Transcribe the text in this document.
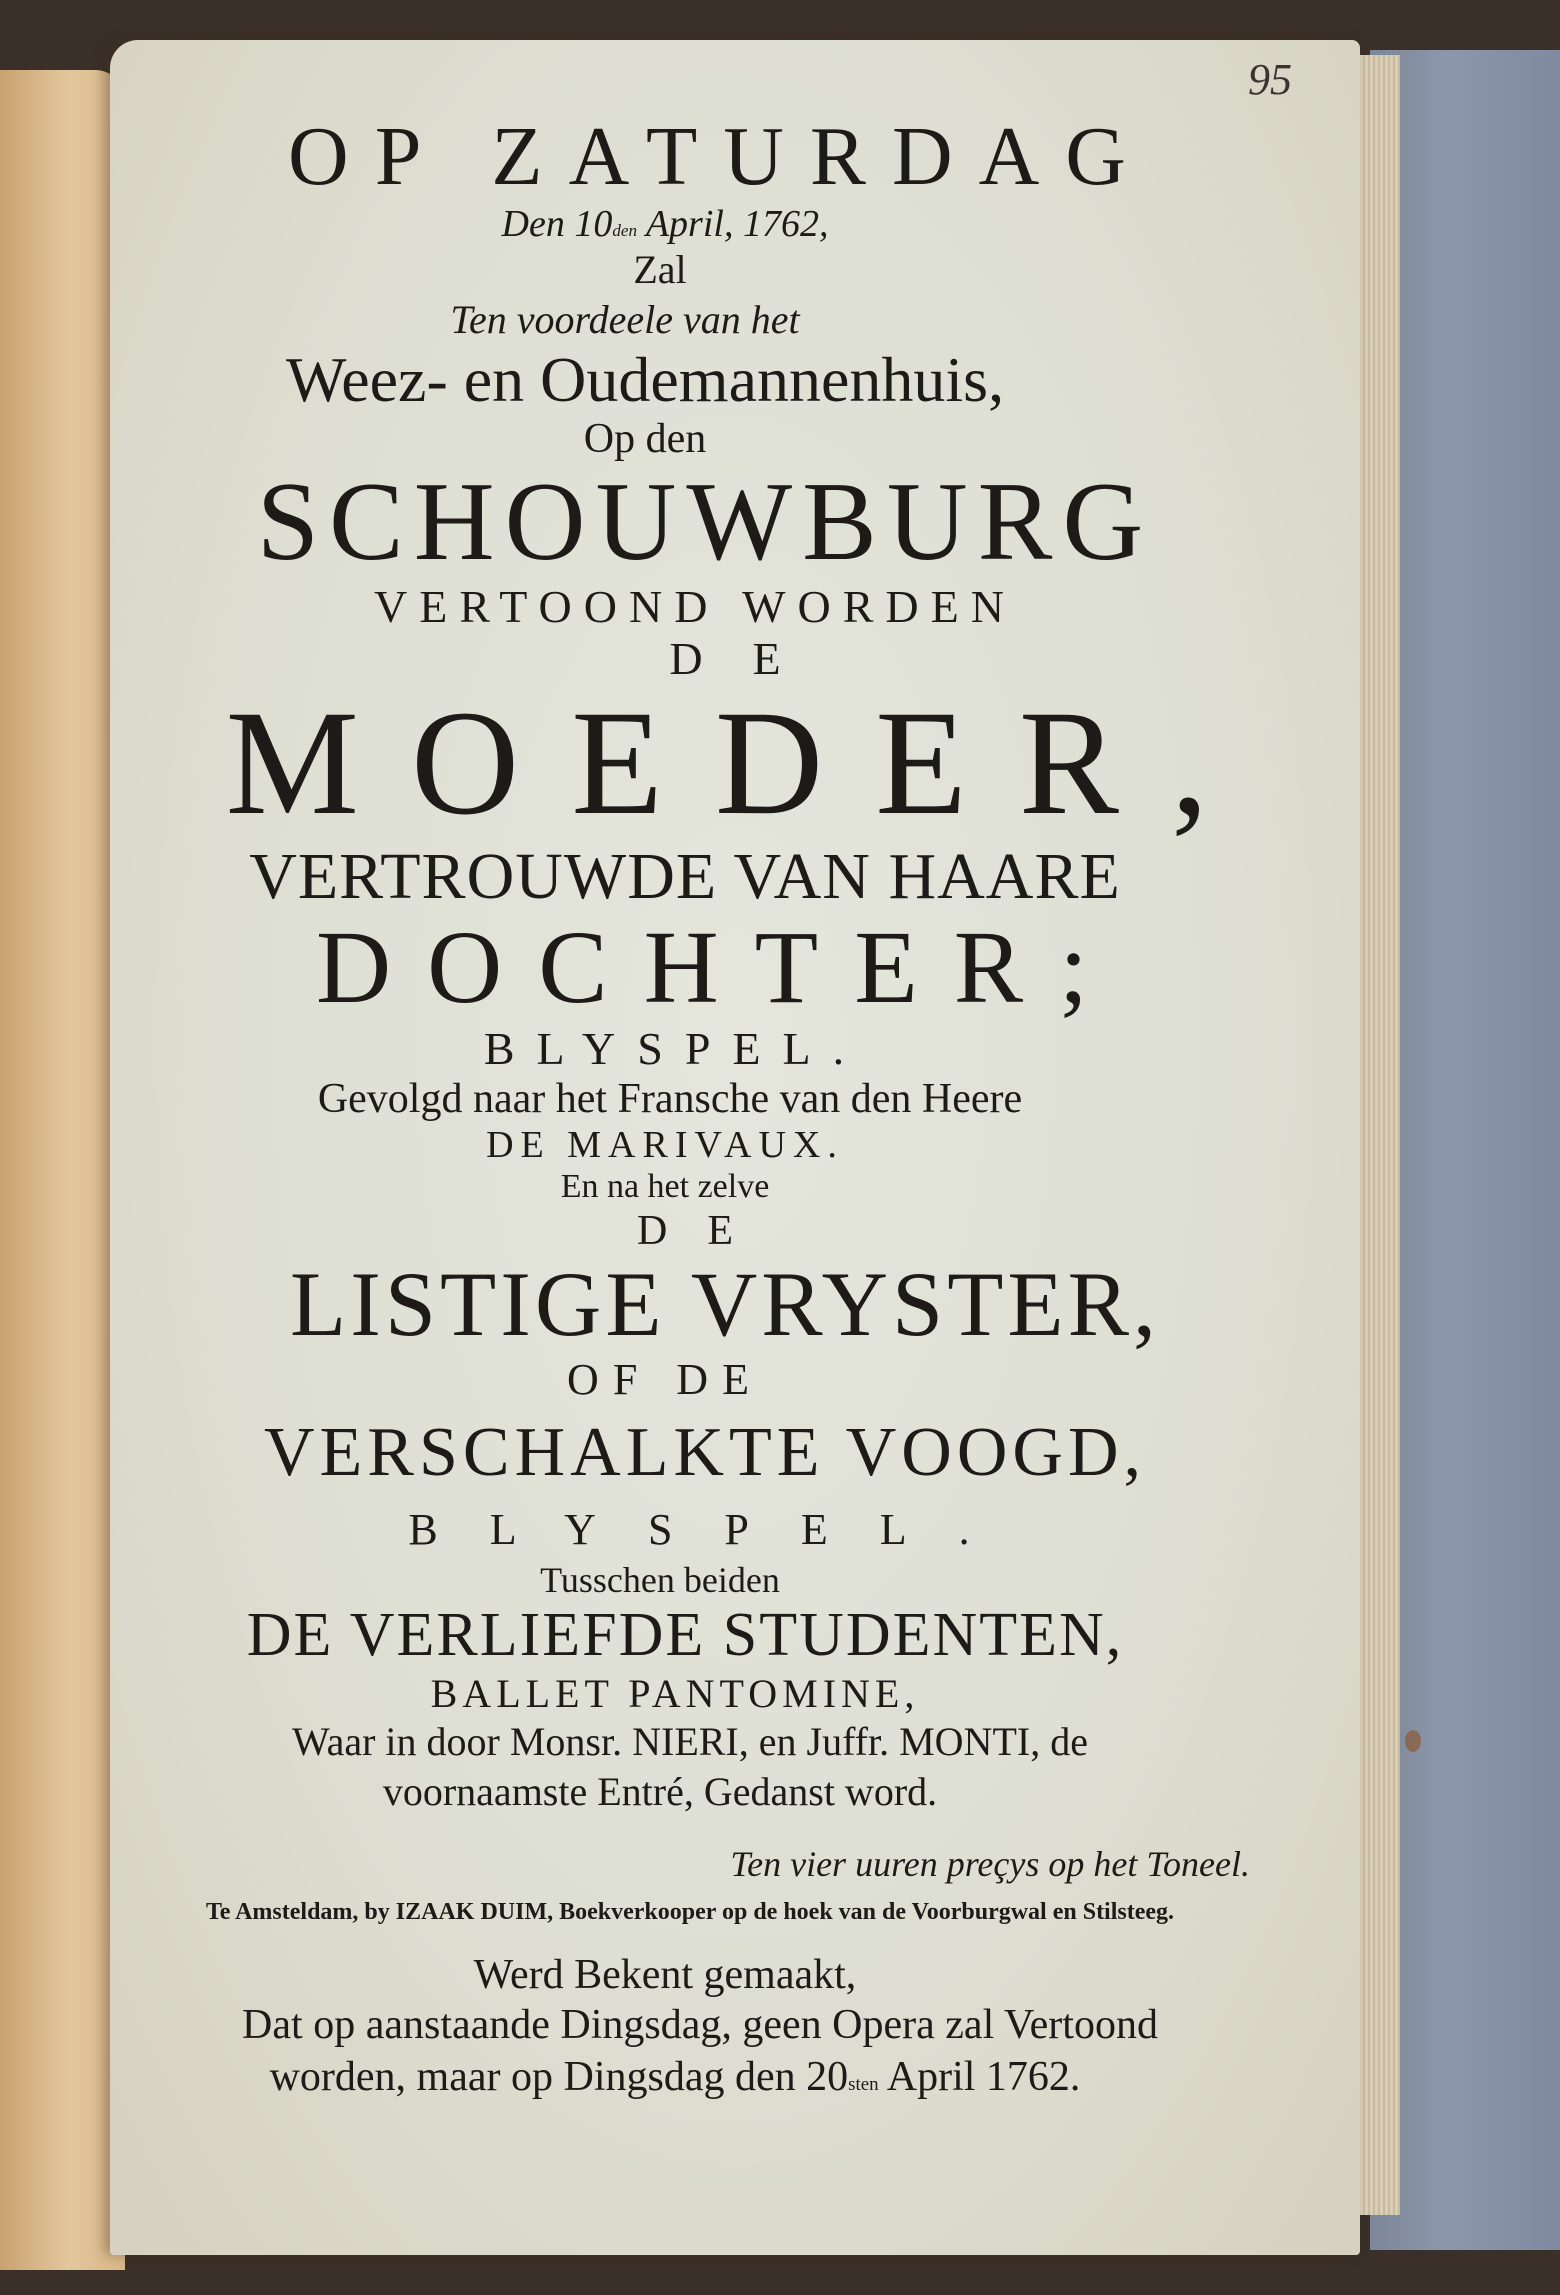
95
OP ZATURDAG
Den $10^{den}$ April, 1762,
Zal
Ten voordeele van het
Weez- en Oudemannenhuis,
Op den
SCHOUWBURG
VERTOOND WORDEN
DE
MOEDER,
VERTROUWDE VAN HAARE
DOCHTER;
BLYSPEL.
Gevolgd naar het Fransche van den Heere
DE MARIVAUX.
En na het zelve
DE
LISTIGE VRYSTER,
OF DE
VERSCHALKTE VOOGD,
BLYSPEL.
Tusschen beiden
DE VERLIEFDE STUDENTEN,
BALLET PANTOMINE,
Waar in door Monsr. NIERI, en Juffr. MONTI, de
voornaamste Entré, Gedanst word.
Ten vier uuren preçys op het Toneel.
Te Amsteldam, by IZAAK DUIM, Boekverkooper op de hoek van de Voorburgwal en Stilsteeg.
Werd Bekent gemaakt,
Dat op aanstaande Dingsdag, geen Opera zal Vertoond
worden, maar op Dingsdag den $20^{sten}$ April 1762.
